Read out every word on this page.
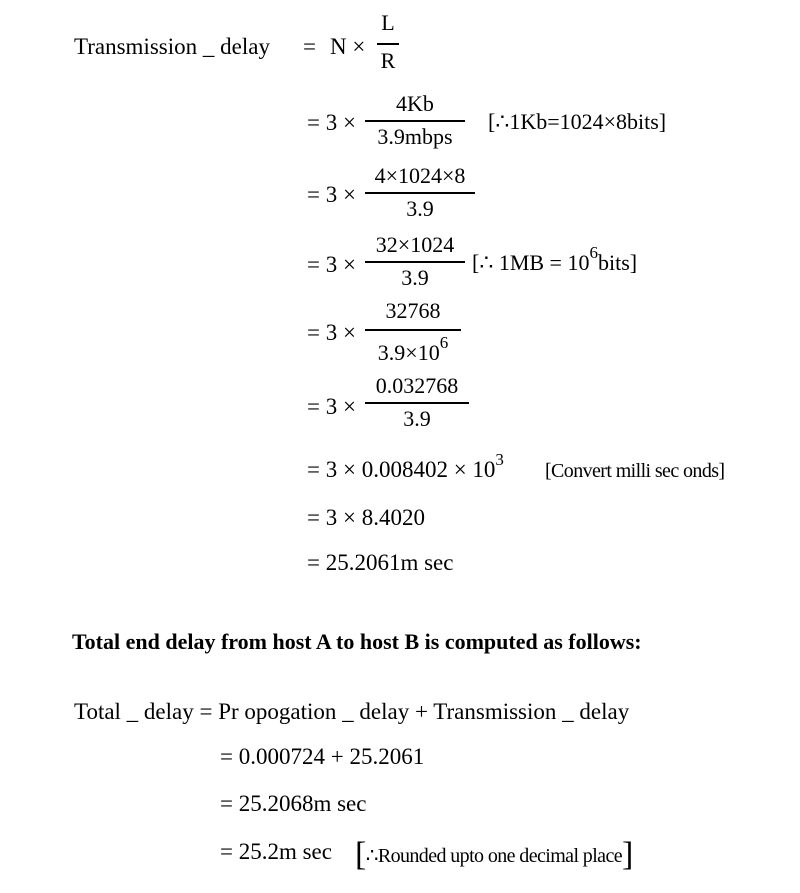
Transmission _ delay = N ×
L
R
= 3 ×
4Kb
3.9mbps
[∴1Kb=1024×8bits]
= 3 ×
4×1024×8
3.9
= 3 ×
32×1024
3.9
[∴ $1MB = 10^6bits$]
= 3 ×
32768
$3.9\times 10^6$
= 3 ×
0.032768
3.9
= $3 \times 0.008402 \times 10^3$
[Convert milli sec onds]
= 3 × 8.4020
= 25.2061m sec
Total end delay from host A to host B is computed as follows:
Total _ delay = Pr opogation _ delay + Transmission _ delay
= 0.000724 + 25.2061
= 25.2068m sec
= 25.2m sec [∴Rounded upto one decimal place]
